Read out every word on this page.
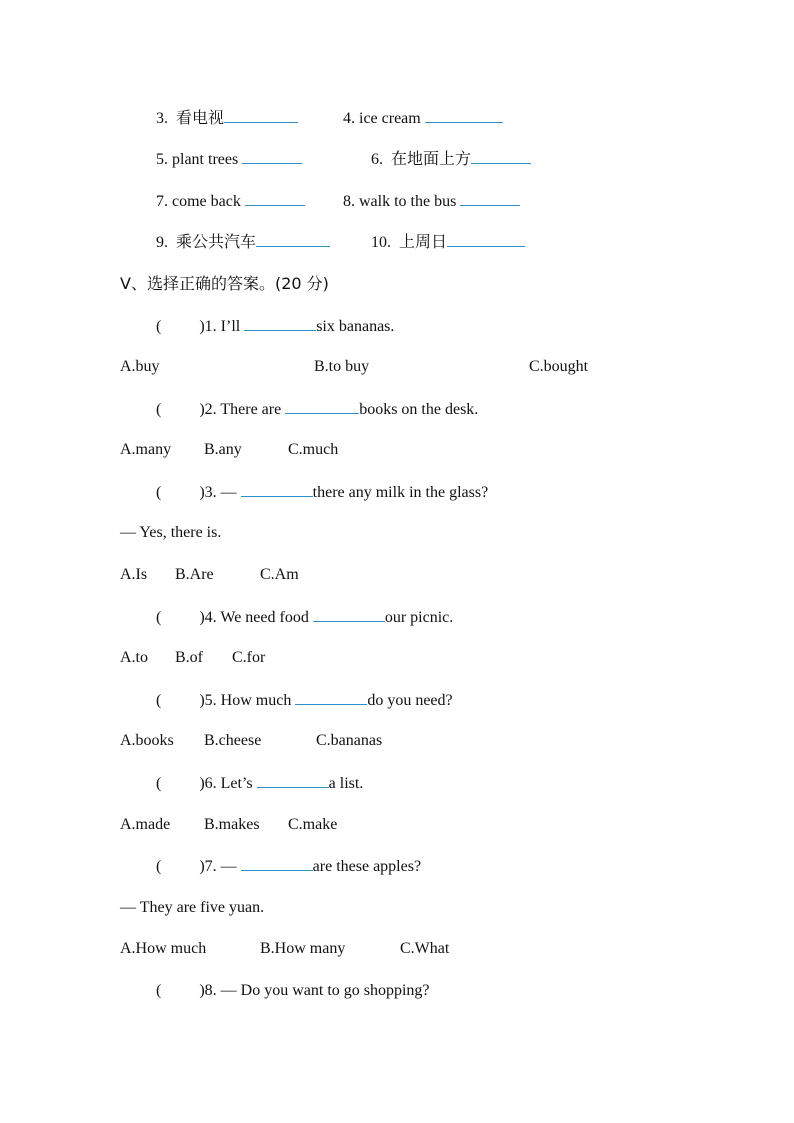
3. 看电视	4. ice cream
5. plant trees	6. 在地面上方
7. come back	8. walk to the bus
9. 乘公共汽车	10. 上周日
Ⅴ、选择正确的答案。(20 分)
( )1. I’ll	six bananas.
A.buy	B.to buy	C.bought
( )2. There are	books on the desk.
A.many B.any	C.much
( )3. —	there any milk in the glass?
— Yes, there is.
A.Is B.Are	C.Am
( )4. We need food	our picnic.
A.to B.of C.for
( )5. How much	do you need?
A.books B.cheese	C.bananas
( )6. Let’s	a list.
A.made B.makes C.make
( )7. —	are these apples?
— They are five yuan.
A.How much	B.How many	C.What
( )8. — Do you want to go shopping?
